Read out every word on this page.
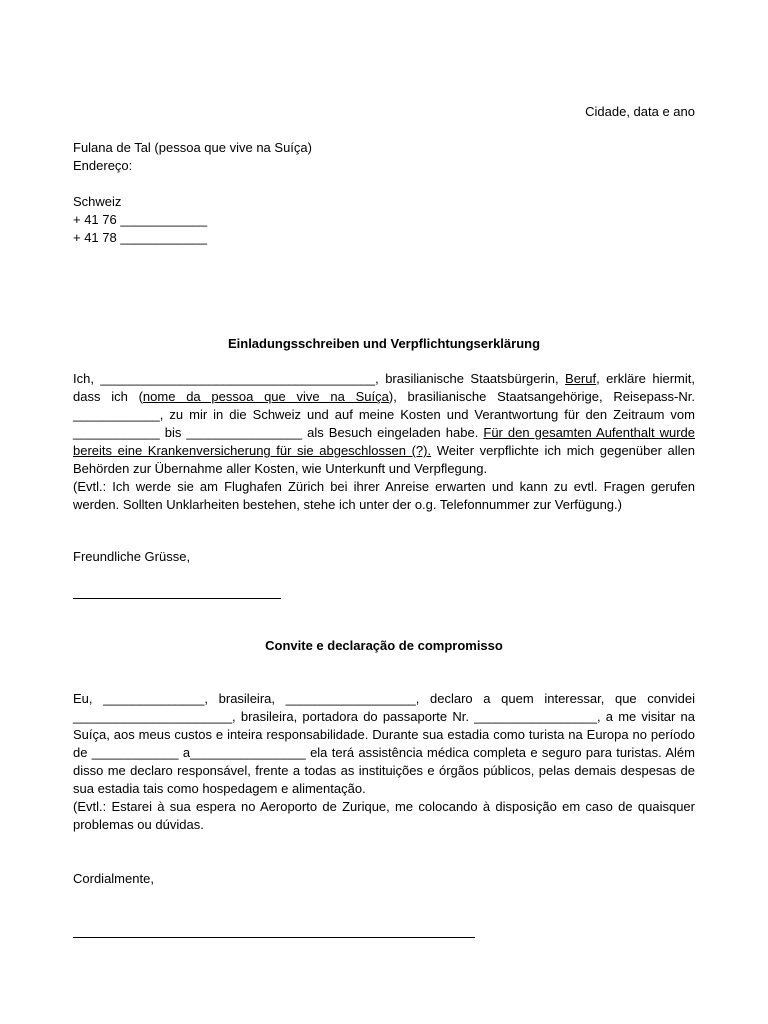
Cidade, data e ano
Fulana de Tal (pessoa que vive na Suíça)
Endereço:
Schweiz
+ 41 76 ____________
+ 41 78 ____________
Einladungsschreiben und Verpflichtungserklärung
Ich, ______________________________________, brasilianische Staatsbürgerin, Beruf, erkläre hiermit, dass ich (nome da pessoa que vive na Suíça), brasilianische Staatsangehörige, Reisepass-Nr. ____________, zu mir in die Schweiz und auf meine Kosten und Verantwortung für den Zeitraum vom ____________ bis ________________ als Besuch eingeladen habe. Für den gesamten Aufenthalt wurde bereits eine Krankenversicherung für sie abgeschlossen (?). Weiter verpflichte ich mich gegenüber allen Behörden zur Übernahme aller Kosten, wie Unterkunft und Verpflegung.
(Evtl.: Ich werde sie am Flughafen Zürich bei ihrer Anreise erwarten und kann zu evtl. Fragen gerufen werden. Sollten Unklarheiten bestehen, stehe ich unter der o.g. Telefonnummer zur Verfügung.)
Freundliche Grüsse,
Convite e declaração de compromisso
Eu, ______________, brasileira, __________________, declaro a quem interessar, que convidei ______________________, brasileira, portadora do passaporte Nr. _________________, a me visitar na Suíça, aos meus custos e inteira responsabilidade. Durante sua estadia como turista na Europa no período de ____________ a________________ ela terá assistência médica completa e seguro para turistas. Além disso me declaro responsável, frente a todas as instituições e órgãos públicos, pelas demais despesas de sua estadia tais como hospedagem e alimentação.
(Evtl.: Estarei à sua espera no Aeroporto de Zurique, me colocando à disposição em caso de quaisquer problemas ou dúvidas.
Cordialmente,
